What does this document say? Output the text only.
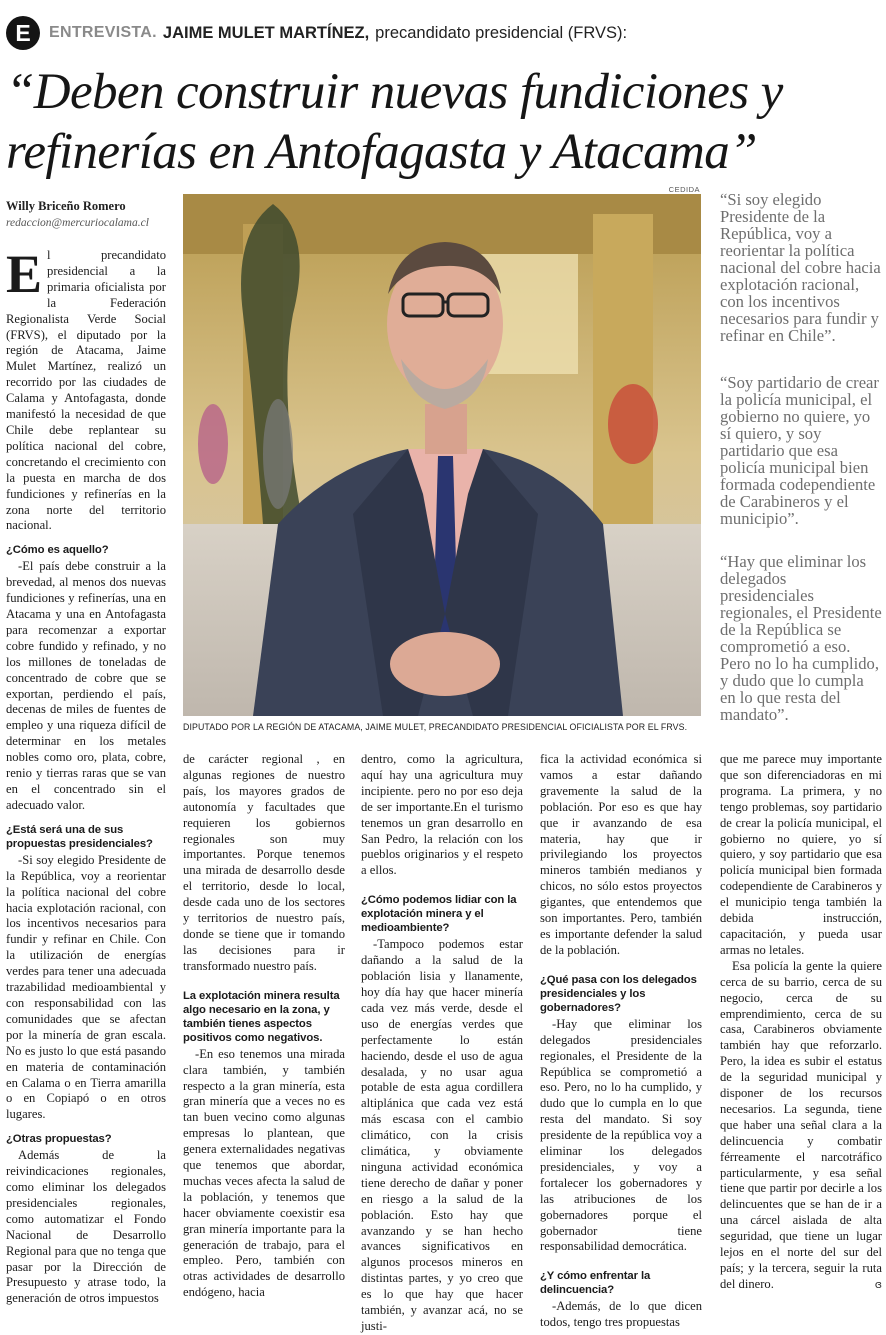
E	ENTREVISTA. JAIME MULET MARTÍNEZ, precandidato presidencial (FRVS):
“Deben construir nuevas fundiciones y
refinerías en Antofagasta y Atacama”
Willy Briceño Romero
redaccion@mercuriocalama.cl
CEDIDA
DIPUTADO POR LA REGIÓN DE ATACAMA, JAIME MULET, PRECANDIDATO PRESIDENCIAL OFICIALISTA POR EL FRVS.

El precandidato presidencial a la primaria oficialista por la Federación Regionalista Verde Social (FRVS), el diputado por la región de Atacama, Jaime Mulet Martínez, realizó un recorrido por las ciudades de Calama y Antofagasta, donde manifestó la necesidad de que Chile debe replantear su política nacional del cobre, concretando el crecimiento con la puesta en marcha de dos fundiciones y refinerías en la zona norte del territorio nacional.

¿Cómo es aquello?

-El país debe construir a la brevedad, al menos dos nuevas fundiciones y refinerías, una en Atacama y una en Antofagasta para recomenzar a exportar cobre fundido y refinado, y no los millones de toneladas de concentrado de cobre que se exportan, perdiendo el país, decenas de miles de fuentes de empleo y una riqueza difícil de determinar en los metales nobles como oro, plata, cobre, renio y tierras raras que se van en el concentrado sin el adecuado valor.

¿Está será una de sus propuestas presidenciales?

-Si soy elegido Presidente de la República, voy a reorientar la política nacional del cobre hacia explotación racional, con los incentivos necesarios para fundir y refinar en Chile. Con la utilización de energías verdes para tener una adecuada trazabilidad medioambiental y con responsabilidad con las comunidades que se afectan por la minería de gran escala. No es justo lo que está pasando en materia de contaminación en Calama o en Tierra amarilla o en Copiapó o en otros lugares.

¿Otras propuestas?

Además de la reivindicaciones regionales, como eliminar los delegados presidenciales regionales, como automatizar el Fondo Nacional de Desarrollo Regional para que no tenga que pasar por la Dirección de Presupuesto y atrase todo, la generación de otros impuestos

de carácter regional , en algunas regiones de nuestro país, los mayores grados de autonomía y facultades que requieren los gobiernos regionales son muy importantes. Porque tenemos una mirada de desarrollo desde el territorio, desde lo local, desde cada uno de los sectores y territorios de nuestro país, donde se tiene que ir tomando las decisiones para ir transformado nuestro país.

La explotación minera resulta algo necesario en la zona, y también tienes aspectos positivos como negativos.

-En eso tenemos una mirada clara también, y también respecto a la gran minería, esta gran minería que a veces no es tan buen vecino como algunas empresas lo plantean, que genera externalidades negativas que tenemos que abordar, muchas veces afecta la salud de la población, y tenemos que hacer obviamente coexistir esa gran minería importante para la generación de trabajo, para el empleo. Pero, también con otras actividades de desarrollo endógeno, hacia

dentro, como la agricultura, aquí hay una agricultura muy incipiente. pero no por eso deja de ser importante.En el turismo tenemos un gran desarrollo en San Pedro, la relación con los pueblos originarios y el respeto a ellos.

¿Cómo podemos lidiar con la explotación minera y el medioambiente?

-Tampoco podemos estar dañando a la salud de la población lisia y llanamente, hoy día hay que hacer minería cada vez más verde, desde el uso de energías verdes que perfectamente lo están haciendo, desde el uso de agua desalada, y no usar agua potable de esta agua cordillera altiplánica que cada vez está más escasa con el cambio climático, con la crisis climática, y obviamente ninguna actividad económica tiene derecho de dañar y poner en riesgo a la salud de la población. Esto hay que avanzando y se han hecho avances significativos en algunos procesos mineros en distintas partes, y yo creo que es lo que hay que hacer también, y avanzar acá, no se justi-

fica la actividad económica si vamos a estar dañando gravemente la salud de la población. Por eso es que hay que ir avanzando de esa materia, hay que ir privilegiando los proyectos mineros también medianos y chicos, no sólo estos proyectos gigantes, que entendemos que son importantes. Pero, también es importante defender la salud de la población.

¿Qué pasa con los delegados presidenciales y los gobernadores?

-Hay que eliminar los delegados presidenciales regionales, el Presidente de la República se comprometió a eso. Pero, no lo ha cumplido, y dudo que lo cumpla en lo que resta del mandato. Si soy presidente de la república voy a eliminar los delegados presidenciales, y voy a fortalecer los gobernadores y las atribuciones de los gobernadores porque el gobernador tiene responsabilidad democrática.

¿Y cómo enfrentar la delincuencia?

-Además, de lo que dicen todos, tengo tres propuestas

“Si soy elegido Presidente de la República, voy a reorientar la política nacional del cobre hacia explotación racional, con los incentivos necesarios para fundir y refinar en Chile”.

“Soy partidario de crear la policía municipal, el gobierno no quiere, yo sí quiero, y soy partidario que esa policía municipal bien formada codependiente de Carabineros y el municipio”.

“Hay que eliminar los delegados presidenciales regionales, el Presidente de la República se comprometió a eso. Pero no lo ha cumplido, y dudo que lo cumpla en lo que resta del mandato”.

que me parece muy importante que son diferenciadoras en mi programa. La primera, y no tengo problemas, soy partidario de crear la policía municipal, el gobierno no quiere, yo sí quiero, y soy partidario que esa policía municipal bien formada codependiente de Carabineros y el municipio tenga también la debida instrucción, capacitación, y pueda usar armas no letales.

Esa policía la gente la quiere cerca de su barrio, cerca de su negocio, cerca de su emprendimiento, cerca de su casa, Carabineros obviamente también hay que reforzarlo. Pero, la idea es subir el estatus de la seguridad municipal y disponer de los recursos necesarios. La segunda, tiene que haber una señal clara a la delincuencia y combatir férreamente el narcotráfico particularmente, y esa señal tiene que partir por decirle a los delincuentes que se han de ir a una cárcel aislada de alta seguridad, que tiene un lugar lejos en el norte del sur del país; y la tercera, seguir la ruta del dinero.	ɞ
